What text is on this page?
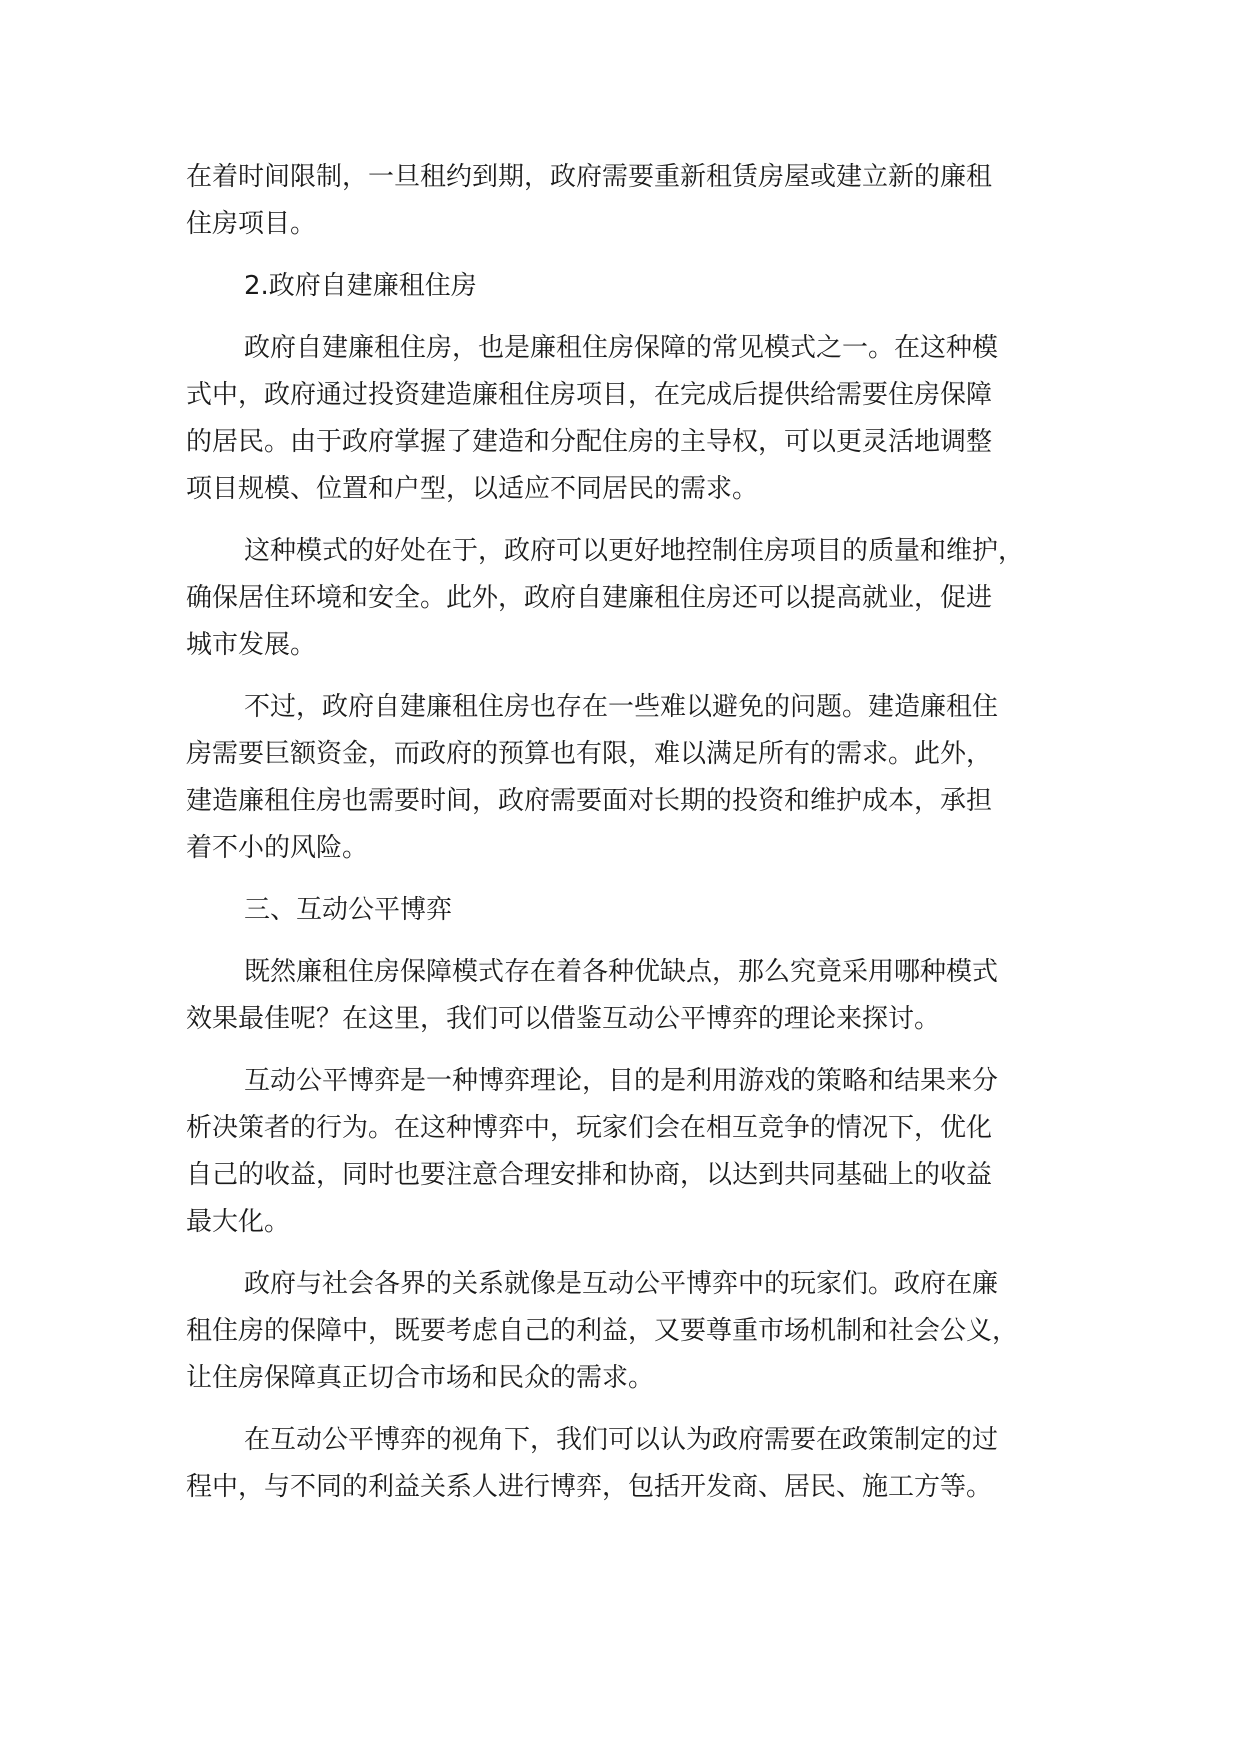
在着时间限制，一旦租约到期，政府需要重新租赁房屋或建立新的廉租
住房项目。
2.政府自建廉租住房
政府自建廉租住房，也是廉租住房保障的常见模式之一。在这种模
式中，政府通过投资建造廉租住房项目，在完成后提供给需要住房保障
的居民。由于政府掌握了建造和分配住房的主导权，可以更灵活地调整
项目规模、位置和户型，以适应不同居民的需求。
这种模式的好处在于，政府可以更好地控制住房项目的质量和维护，
确保居住环境和安全。此外，政府自建廉租住房还可以提高就业，促进
城市发展。
不过，政府自建廉租住房也存在一些难以避免的问题。建造廉租住
房需要巨额资金，而政府的预算也有限，难以满足所有的需求。此外，
建造廉租住房也需要时间，政府需要面对长期的投资和维护成本，承担
着不小的风险。
三、互动公平博弈
既然廉租住房保障模式存在着各种优缺点，那么究竟采用哪种模式
效果最佳呢？在这里，我们可以借鉴互动公平博弈的理论来探讨。
互动公平博弈是一种博弈理论，目的是利用游戏的策略和结果来分
析决策者的行为。在这种博弈中，玩家们会在相互竞争的情况下，优化
自己的收益，同时也要注意合理安排和协商，以达到共同基础上的收益
最大化。
政府与社会各界的关系就像是互动公平博弈中的玩家们。政府在廉
租住房的保障中，既要考虑自己的利益，又要尊重市场机制和社会公义，
让住房保障真正切合市场和民众的需求。
在互动公平博弈的视角下，我们可以认为政府需要在政策制定的过
程中，与不同的利益关系人进行博弈，包括开发商、居民、施工方等。
